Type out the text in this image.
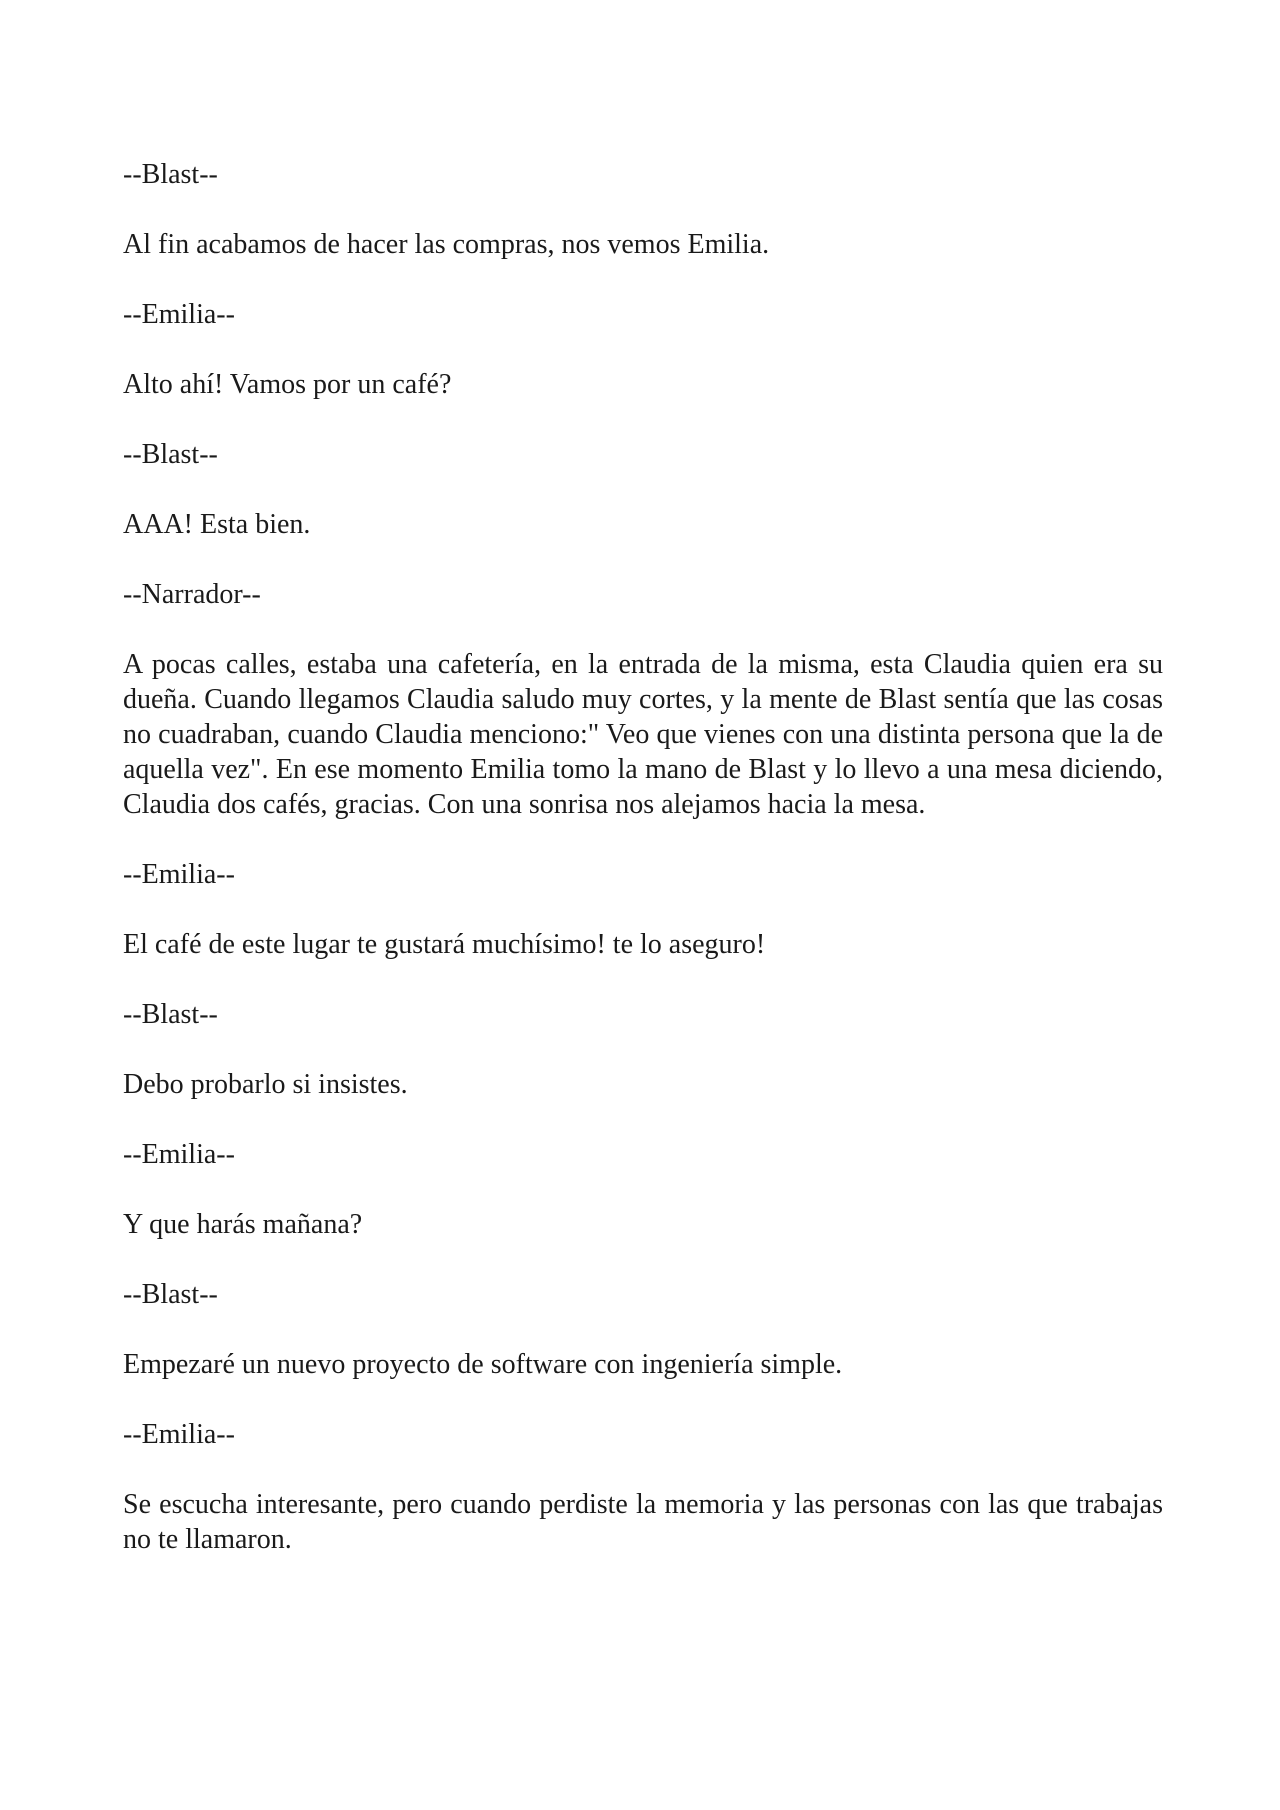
--Blast--

Al fin acabamos de hacer las compras, nos vemos Emilia.

--Emilia--

Alto ahí! Vamos por un café?

--Blast--

AAA! Esta bien.

--Narrador--

A pocas calles, estaba una cafetería, en la entrada de la misma, esta Claudia quien era su dueña. Cuando llegamos Claudia saludo muy cortes, y la mente de Blast sentía que las cosas no cuadraban, cuando Claudia menciono:" Veo que vienes con una distinta persona que la de aquella vez". En ese momento Emilia tomo la mano de Blast y lo llevo a una mesa diciendo, Claudia dos cafés, gracias. Con una sonrisa nos alejamos hacia la mesa.

--Emilia--

El café de este lugar te gustará muchísimo! te lo aseguro!

--Blast--

Debo probarlo si insistes.

--Emilia--

Y que harás mañana?

--Blast--

Empezaré un nuevo proyecto de software con ingeniería simple.

--Emilia--

Se escucha interesante, pero cuando perdiste la memoria y las personas con las que trabajas no te llamaron.
